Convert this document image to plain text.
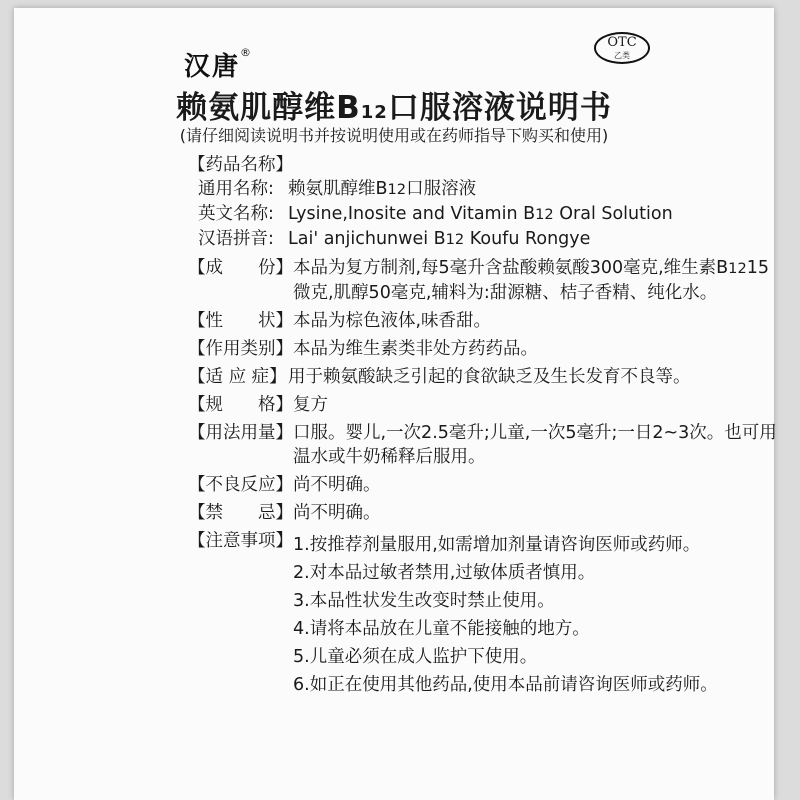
汉唐®
OTC
乙类
赖氨肌醇维B12口服溶液说明书
(请仔细阅读说明书并按说明使用或在药师指导下购买和使用)
【药品名称】
通用名称: 赖氨肌醇维B12口服溶液
英文名称: Lysine,Inosite and Vitamin B12 Oral Solution
汉语拼音: Lai' anjichunwei B12 Koufu Rongye
【成　　份】 本品为复方制剂,每5毫升含盐酸赖氨酸300毫克,维生素B1215微克,肌醇50毫克,辅料为:甜源糖、桔子香精、纯化水。
【性　　状】 本品为棕色液体,味香甜。
【作用类别】 本品为维生素类非处方药药品。
【适 应 症】 用于赖氨酸缺乏引起的食欲缺乏及生长发育不良等。
【规　　格】 复方
【用法用量】 口服。婴儿,一次2.5毫升;儿童,一次5毫升;一日2~3次。也可用温水或牛奶稀释后服用。
【不良反应】 尚不明确。
【禁　　忌】 尚不明确。
【注意事项】 1. 按推荐剂量服用,如需增加剂量请咨询医师或药师。
2. 对本品过敏者禁用,过敏体质者慎用。
3. 本品性状发生改变时禁止使用。
4. 请将本品放在儿童不能接触的地方。
5. 儿童必须在成人监护下使用。
6. 如正在使用其他药品,使用本品前请咨询医师或药师。
